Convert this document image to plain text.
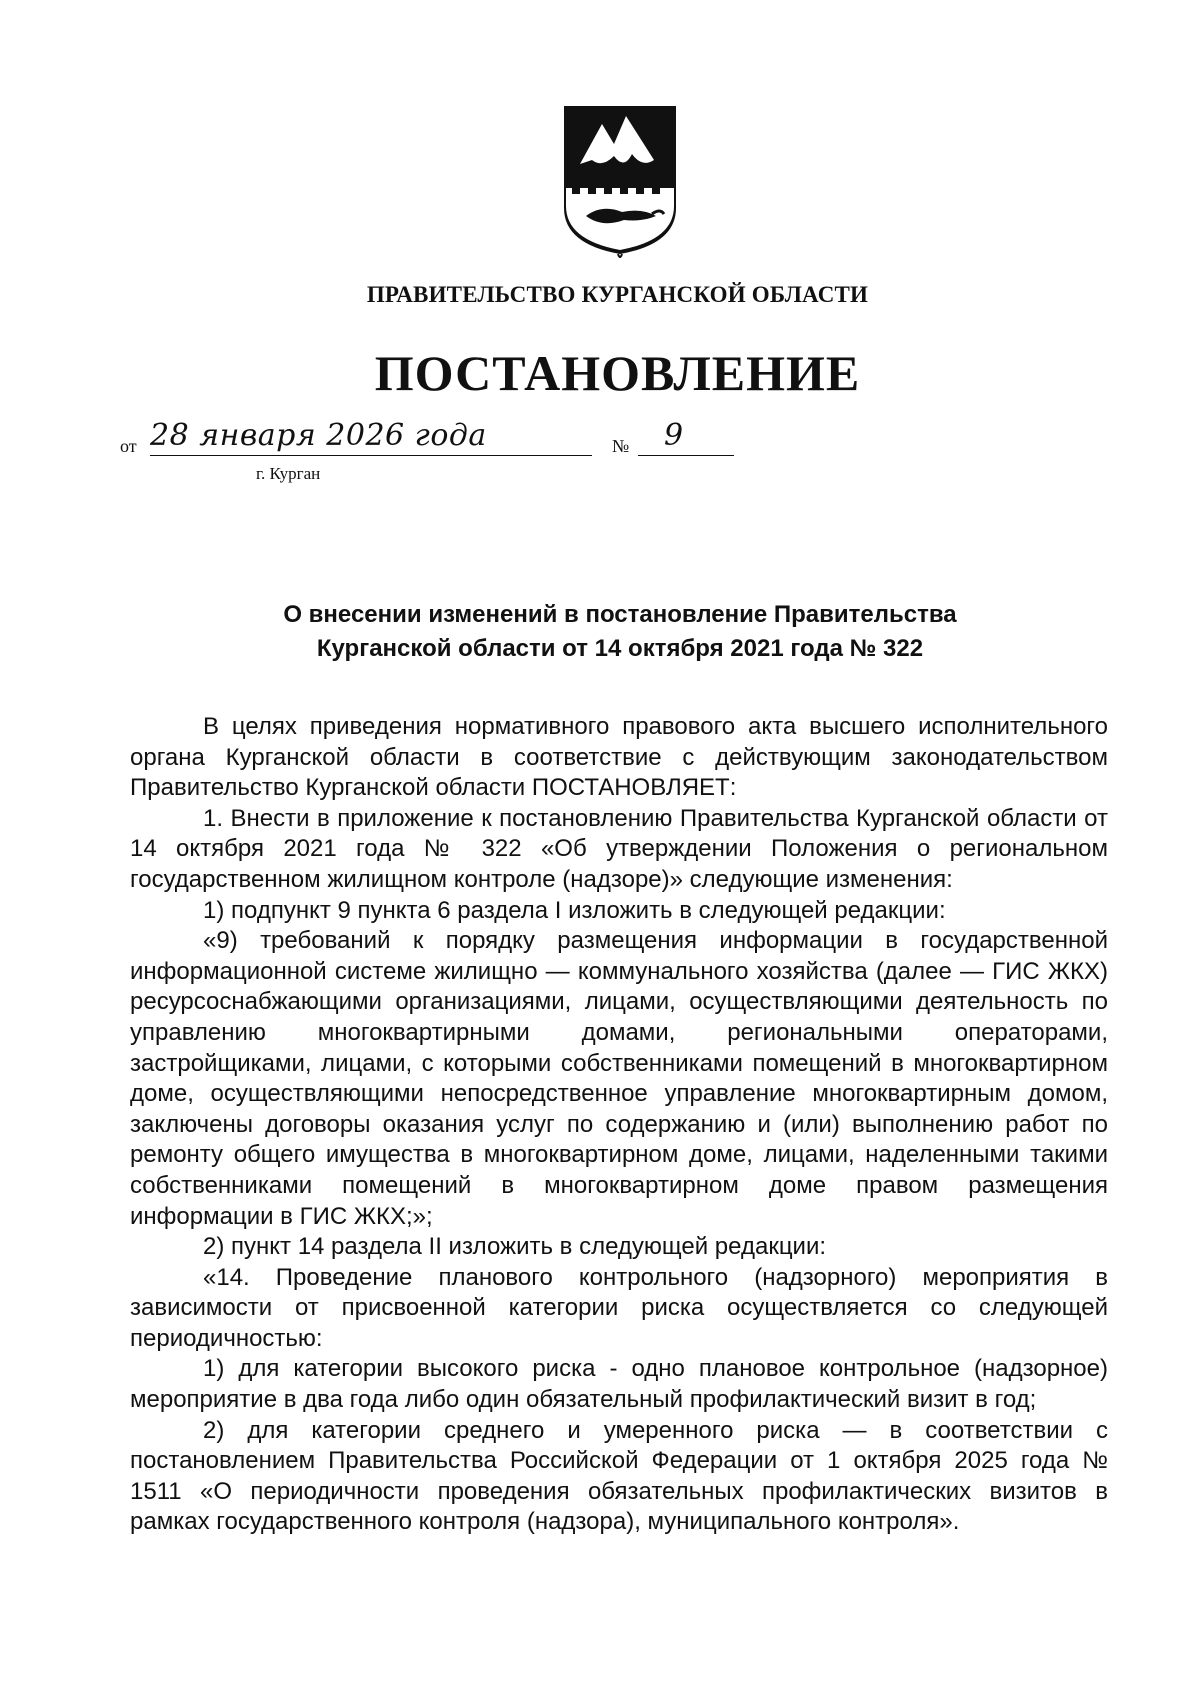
ПРАВИТЕЛЬСТВО КУРГАНСКОЙ ОБЛАСТИ
ПОСТАНОВЛЕНИЕ
от 28 января 2026 года	№	9
г. Курган
О внесении изменений в постановление Правительства
Курганской области от 14 октября 2021 года № 322

В целях приведения нормативного правового акта высшего исполнительного органа Курганской области в соответствие с действующим законодательством Правительство Курганской области ПОСТАНОВЛЯЕТ:

1. Внести в приложение к постановлению Правительства Курганской области от 14 октября 2021 года № 322 «Об утверждении Положения о региональном государственном жилищном контроле (надзоре)» следующие изменения:

1) подпункт 9 пункта 6 раздела I изложить в следующей редакции:

«9) требований к порядку размещения информации в государственной информационной системе жилищно — коммунального хозяйства (далее — ГИС ЖКХ) ресурсоснабжающими организациями, лицами, осуществляющими деятельность по управлению многоквартирными домами, региональными операторами, застройщиками, лицами, с которыми собственниками помещений в многоквартирном доме, осуществляющими непосредственное управление многоквартирным домом, заключены договоры оказания услуг по содержанию и (или) выполнению работ по ремонту общего имущества в многоквартирном доме, лицами, наделенными такими собственниками помещений в многоквартирном доме правом размещения информации в ГИС ЖКХ;»;

2) пункт 14 раздела II изложить в следующей редакции:

«14. Проведение планового контрольного (надзорного) мероприятия в зависимости от присвоенной категории риска осуществляется со следующей периодичностью:

1) для категории высокого риска - одно плановое контрольное (надзорное) мероприятие в два года либо один обязательный профилактический визит в год;

2) для категории среднего и умеренного риска — в соответствии с постановлением Правительства Российской Федерации от 1 октября 2025 года № 1511 «О периодичности проведения обязательных профилактических визитов в рамках государственного контроля (надзора), муниципального контроля».
